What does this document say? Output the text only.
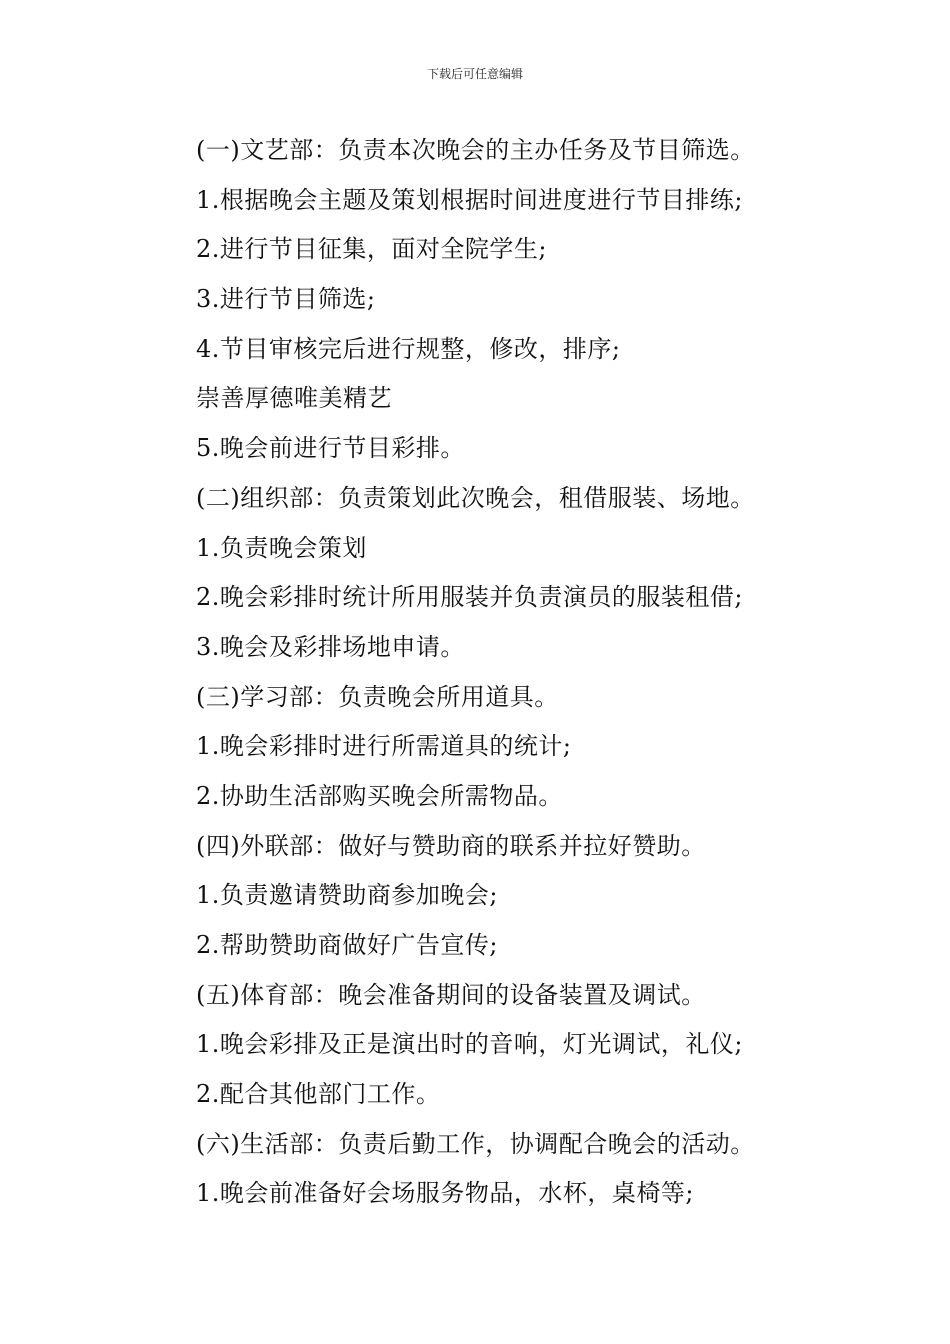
下载后可任意编辑
(一)文艺部：负责本次晚会的主办任务及节目筛选。
1.根据晚会主题及策划根据时间进度进行节目排练;
2.进行节目征集，面对全院学生;
3.进行节目筛选;
4.节目审核完后进行规整，修改，排序;
崇善厚德唯美精艺
5.晚会前进行节目彩排。
(二)组织部：负责策划此次晚会，租借服装、场地。
1.负责晚会策划
2.晚会彩排时统计所用服装并负责演员的服装租借;
3.晚会及彩排场地申请。
(三)学习部：负责晚会所用道具。
1.晚会彩排时进行所需道具的统计;
2.协助生活部购买晚会所需物品。
(四)外联部：做好与赞助商的联系并拉好赞助。
1.负责邀请赞助商参加晚会;
2.帮助赞助商做好广告宣传;
(五)体育部：晚会准备期间的设备装置及调试。
1.晚会彩排及正是演出时的音响，灯光调试，礼仪;
2.配合其他部门工作。
(六)生活部：负责后勤工作，协调配合晚会的活动。
1.晚会前准备好会场服务物品，水杯，桌椅等;
